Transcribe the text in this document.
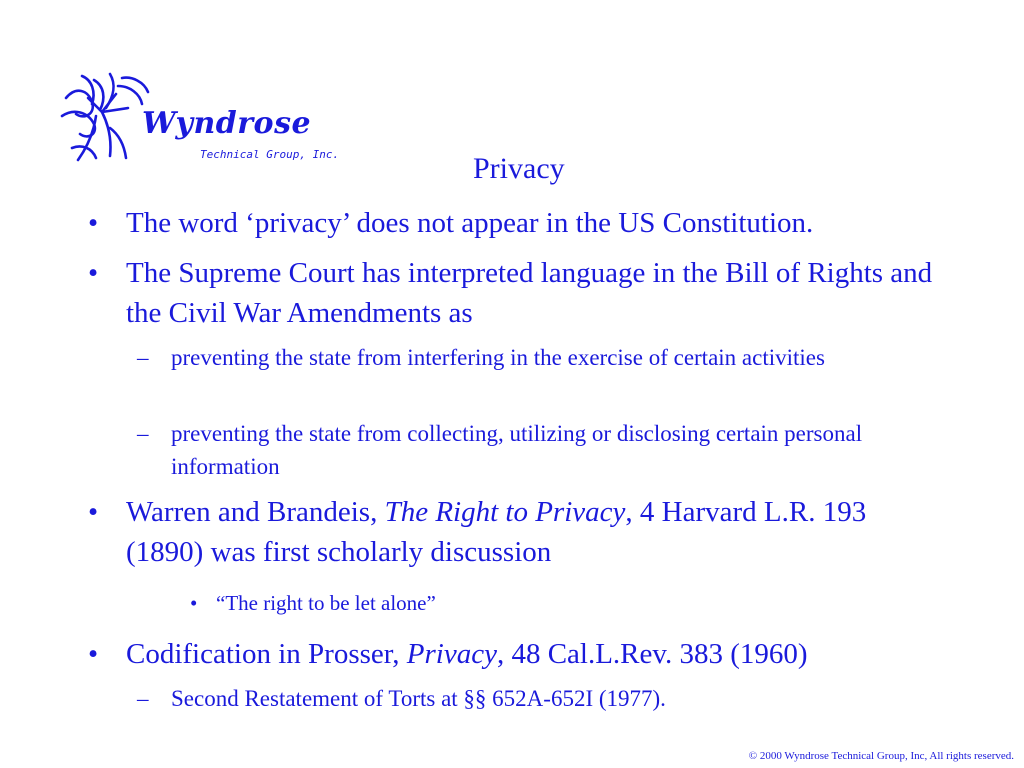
Wyndrose
Technical Group, Inc.	Privacy
• The word ‘privacy’ does not appear in the US Constitution.
• The Supreme Court has interpreted language in the Bill of Rights and the Civil War Amendments as
– preventing the state from interfering in the exercise of certain activities
– preventing the state from collecting, utilizing or disclosing certain personal information
• Warren and Brandeis, The Right to Privacy, 4 Harvard L.R. 193 (1890) was first scholarly discussion
• “The right to be let alone”
• Codification in Prosser, Privacy, 48 Cal.L.Rev. 383 (1960)
– Second Restatement of Torts at §§ 652A-652I (1977).
© 2000 Wyndrose Technical Group, Inc, All rights reserved.
